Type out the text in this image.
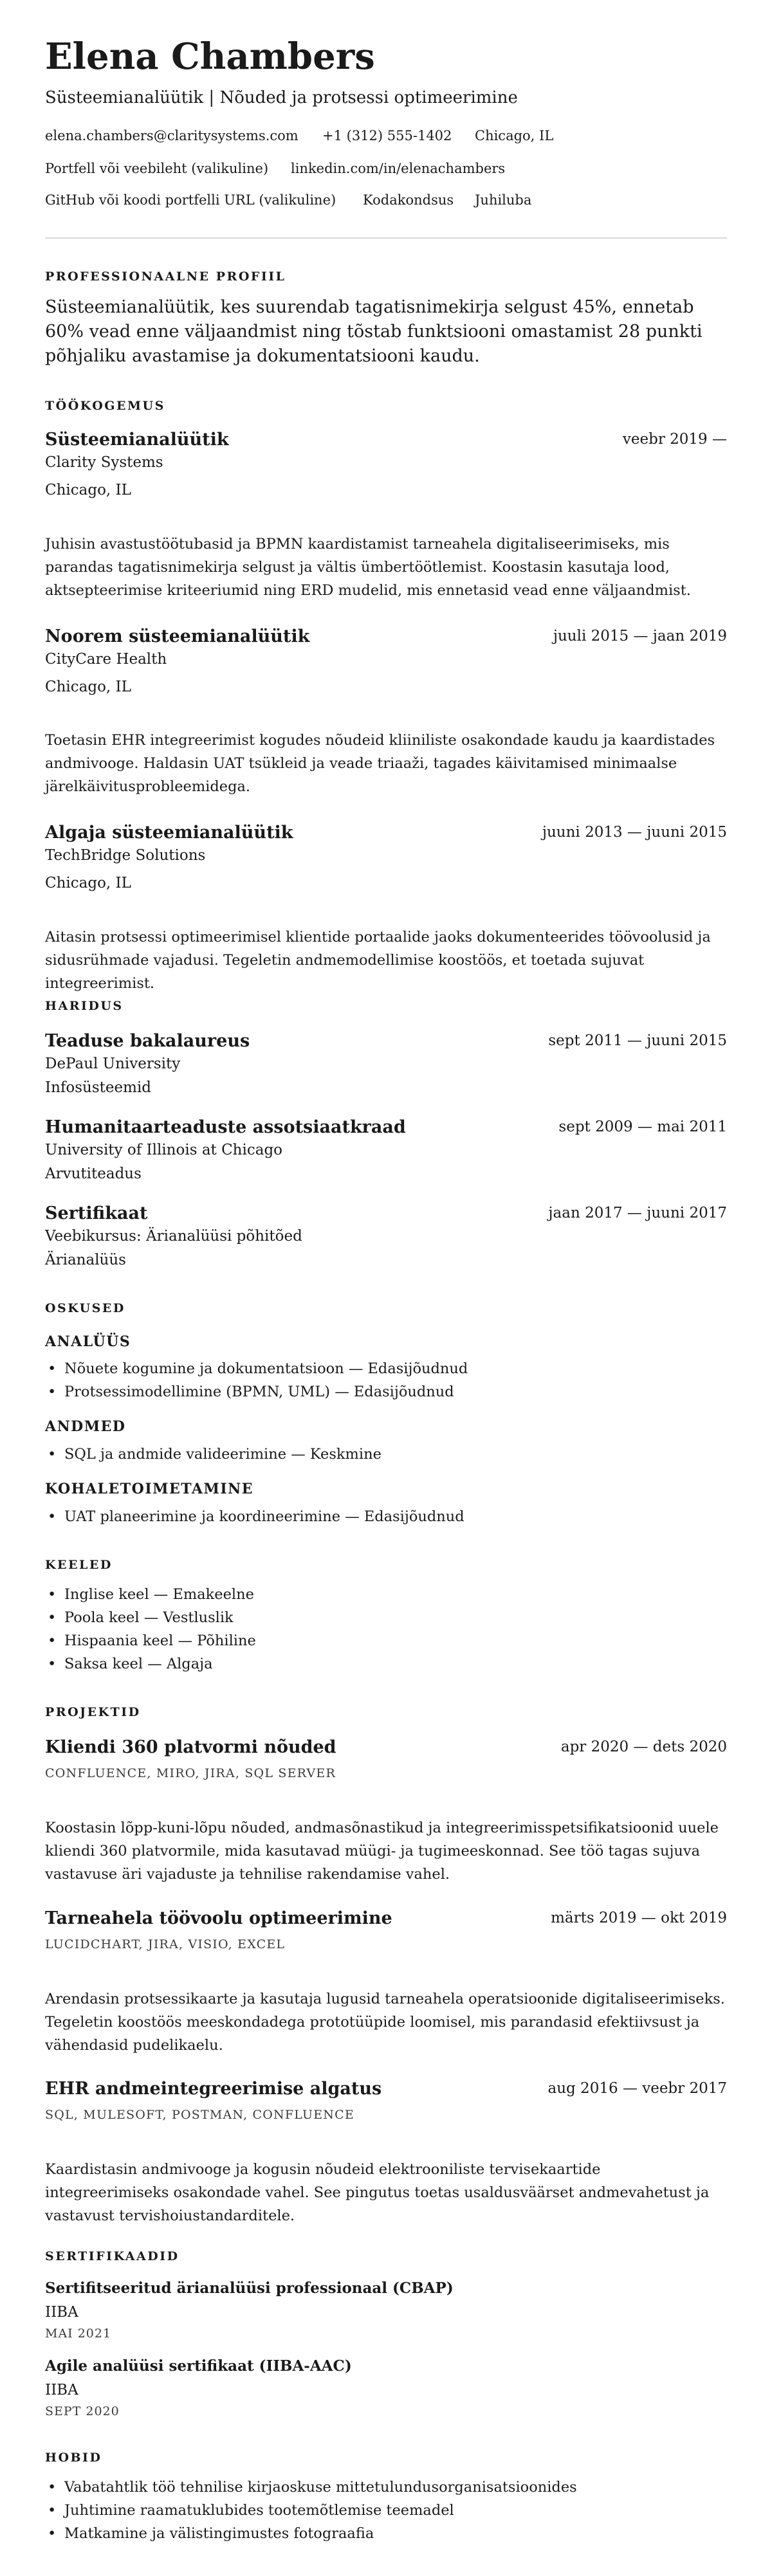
Elena Chambers
Süsteemianalüütik | Nõuded ja protsessi optimeerimine
elena.chambers@claritysystems.com +1 (312) 555-1402 Chicago, IL
Portfell või veebileht (valikuline) linkedin.com/in/elenachambers
GitHub või koodi portfelli URL (valikuline) Kodakondsus Juhiluba
PROFESSIONAALNE PROFIIL
Süsteemianalüütik, kes suurendab tagatisnimekirja selgust 45%, ennetab 60% vead enne väljaandmist ning tõstab funktsiooni omastamist 28 punkti põhjaliku avastamise ja dokumentatsiooni kaudu.
TÖÖKOGEMUS
Süsteemianalüütik	veebr 2019 —
Clarity Systems
Chicago, IL
Juhisin avastustöötubasid ja BPMN kaardistamist tarneahela digitaliseerimiseks, mis parandas tagatisnimekirja selgust ja vältis ümbertöötlemist. Koostasin kasutaja lood, aktsepteerimise kriteeriumid ning ERD mudelid, mis ennetasid vead enne väljaandmist.
Noorem süsteemianalüütik	juuli 2015 — jaan 2019
CityCare Health
Chicago, IL
Toetasin EHR integreerimist kogudes nõudeid kliiniliste osakondade kaudu ja kaardistades andmivooge. Haldasin UAT tsükleid ja veade triaaži, tagades käivitamised minimaalse järelkäivitusprobleemidega.
Algaja süsteemianalüütik	juuni 2013 — juuni 2015
TechBridge Solutions
Chicago, IL
Aitasin protsessi optimeerimisel klientide portaalide jaoks dokumenteerides töövoolusid ja sidusrühmade vajadusi. Tegeletin andmemodellimise koostöös, et toetada sujuvat integreerimist.
HARIDUS
Teaduse bakalaureus	sept 2011 — juuni 2015
DePaul University
Infosüsteemid
Humanitaarteaduste assotsiaatkraad	sept 2009 — mai 2011
University of Illinois at Chicago
Arvutiteadus
Sertifikaat	jaan 2017 — juuni 2017
Veebikursus: Ärianalüüsi põhitõed
Ärianalüüs
OSKUSED
ANALÜÜS
• Nõuete kogumine ja dokumentatsioon — Edasijõudnud
• Protsessimodellimine (BPMN, UML) — Edasijõudnud
ANDMED
• SQL ja andmide valideerimine — Keskmine
KOHALETOIMETAMINE
• UAT planeerimine ja koordineerimine — Edasijõudnud
KEELED
• Inglise keel — Emakeelne
• Poola keel — Vestluslik
• Hispaania keel — Põhiline
• Saksa keel — Algaja
PROJEKTID
Kliendi 360 platvormi nõuded	apr 2020 — dets 2020
CONFLUENCE, MIRO, JIRA, SQL SERVER
Koostasin lõpp-kuni-lõpu nõuded, andmasõnastikud ja integreerimisspetsifikatsioonid uuele kliendi 360 platvormile, mida kasutavad müügi- ja tugimeeskonnad. See töö tagas sujuva vastavuse äri vajaduste ja tehnilise rakendamise vahel.
Tarneahela töövoolu optimeerimine	märts 2019 — okt 2019
LUCIDCHART, JIRA, VISIO, EXCEL
Arendasin protsessikaarte ja kasutaja lugusid tarneahela operatsioonide digitaliseerimiseks. Tegeletin koostöös meeskondadega prototüüpide loomisel, mis parandasid efektiivsust ja vähendasid pudelikaelu.
EHR andmeintegreerimise algatus	aug 2016 — veebr 2017
SQL, MULESOFT, POSTMAN, CONFLUENCE
Kaardistasin andmivooge ja kogusin nõudeid elektrooniliste tervisekaartide integreerimiseks osakondade vahel. See pingutus toetas usaldusväärset andmevahetust ja vastavust tervishoiustandarditele.
SERTIFIKAADID
Sertifitseeritud ärianalüüsi professionaal (CBAP)
IIBA
MAI 2021
Agile analüüsi sertifikaat (IIBA-AAC)
IIBA
SEPT 2020
HOBID
• Vabatahtlik töö tehnilise kirjaoskuse mittetulundusorganisatsioonides
• Juhtimine raamatuklubides tootemõtlemise teemadel
• Matkamine ja välistingimustes fotograafia
